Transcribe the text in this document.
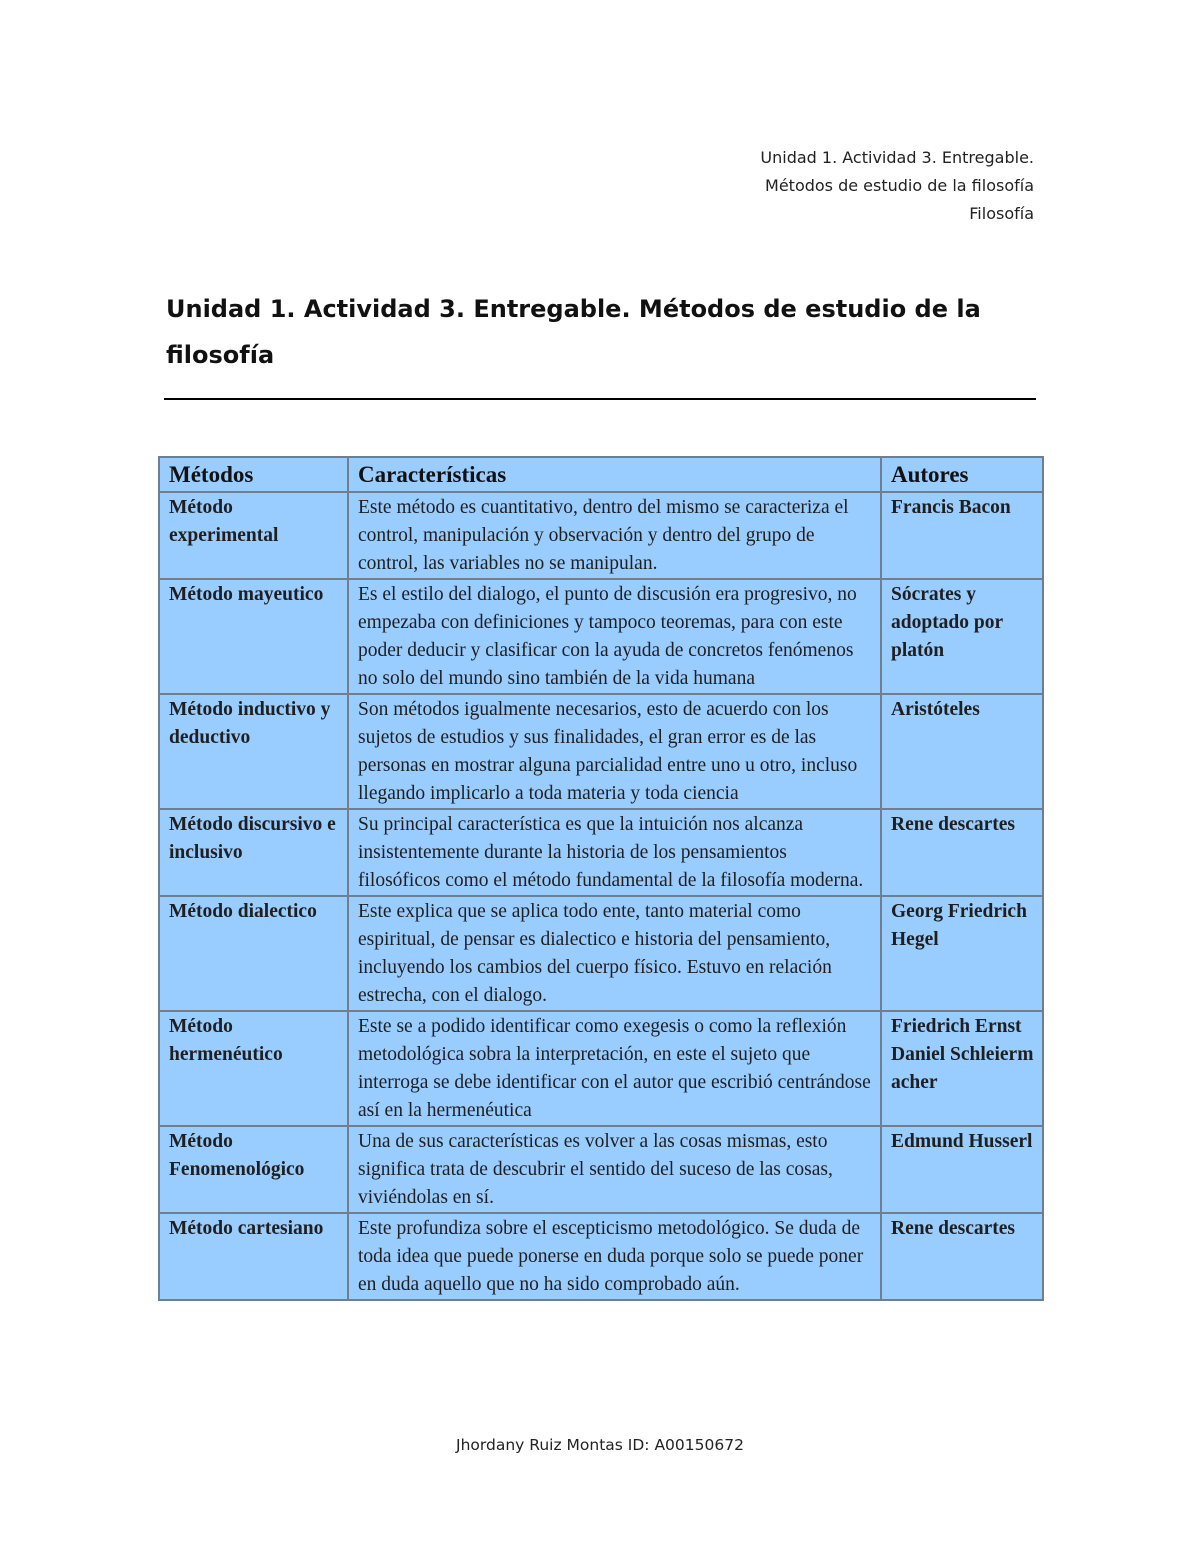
Unidad 1. Actividad 3. Entregable.
Métodos de estudio de la filosofía
Filosofía
Unidad 1. Actividad 3. Entregable. Métodos de estudio de la filosofía
Métodos	Características	Autores
Método experimental	Este método es cuantitativo, dentro del mismo se caracteriza el control, manipulación y observación y dentro del grupo de control, las variables no se manipulan.	Francis Bacon
Método mayeutico	Es el estilo del dialogo, el punto de discusión era progresivo, no empezaba con definiciones y tampoco teoremas, para con este poder deducir y clasificar con la ayuda de concretos fenómenos no solo del mundo sino también de la vida humana	Sócrates y adoptado por platón
Método inductivo y deductivo	Son métodos igualmente necesarios, esto de acuerdo con los sujetos de estudios y sus finalidades, el gran error es de las personas en mostrar alguna parcialidad entre uno u otro, incluso llegando implicarlo a toda materia y toda ciencia	Aristóteles
Método discursivo e inclusivo	Su principal característica es que la intuición nos alcanza insistentemente durante la historia de los pensamientos filosóficos como el método fundamental de la filosofía moderna.	Rene descartes
Método dialectico	Este explica que se aplica todo ente, tanto material como espiritual, de pensar es dialectico e historia del pensamiento, incluyendo los cambios del cuerpo físico. Estuvo en relación estrecha, con el dialogo.	Georg Friedrich Hegel
Método hermenéutico	Este se a podido identificar como exegesis o como la reflexión metodológica sobra la interpretación, en este el sujeto que interroga se debe identificar con el autor que escribió centrándose así en la hermenéutica	Friedrich Ernst Daniel Schleiermacher
Método Fenomenológico	Una de sus características es volver a las cosas mismas, esto significa trata de descubrir el sentido del suceso de las cosas, viviéndolas en sí.	Edmund Husserl
Método cartesiano	Este profundiza sobre el escepticismo metodológico. Se duda de toda idea que puede ponerse en duda porque solo se puede poner en duda aquello que no ha sido comprobado aún.	Rene descartes
Jhordany Ruiz Montas ID: A00150672
